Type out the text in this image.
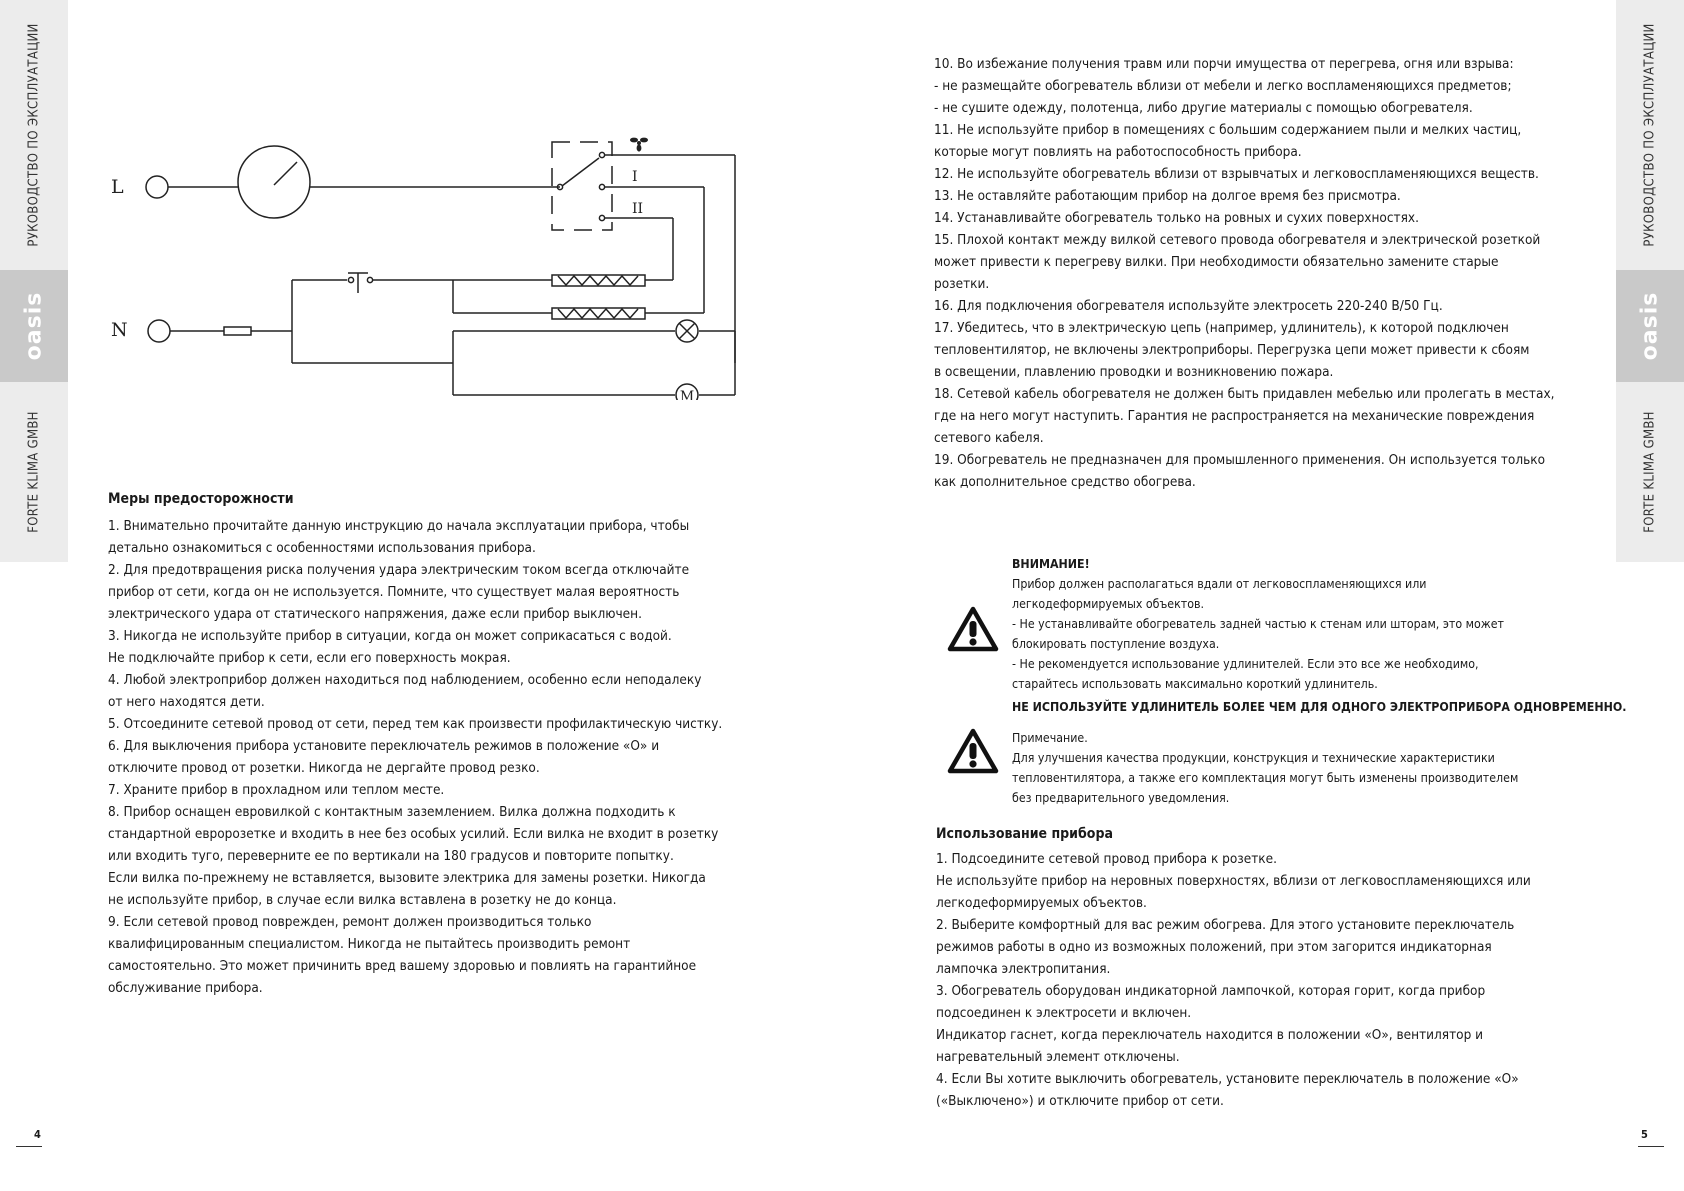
РУКОВОДСТВО ПО ЭКСПЛУАТАЦИИ
oasis
FORTE KLIMA GMBH
РУКОВОДСТВО ПО ЭКСПЛУАТАЦИИ
oasis
FORTE KLIMA GMBH
M
L
N
I
II
Меры предосторожности

1. Внимательно прочитайте данную инструкцию до начала эксплуатации прибора, чтобы

детально ознакомиться с особенностями использования прибора.

2. Для предотвращения риска получения удара электрическим током всегда отключайте

прибор от сети, когда он не используется. Помните, что существует малая вероятность

электрического удара от статического напряжения, даже если прибор выключен.

3. Никогда не используйте прибор в ситуации, когда он может соприкасаться с водой.

Не подключайте прибор к сети, если его поверхность мокрая.

4. Любой электроприбор должен находиться под наблюдением, особенно если неподалеку

от него находятся дети.

5. Отсоедините сетевой провод от сети, перед тем как произвести профилактическую чистку.

6. Для выключения прибора установите переключатель режимов в положение «О» и

отключите провод от розетки. Никогда не дергайте провод резко.

7. Храните прибор в прохладном или теплом месте.

8. Прибор оснащен евровилкой с контактным заземлением. Вилка должна подходить к

стандартной евророзетке и входить в нее без особых усилий. Если вилка не входит в розетку

или входить туго, переверните ее по вертикали на 180 градусов и повторите попытку.

Если вилка по-прежнему не вставляется, вызовите электрика для замены розетки. Никогда

не используйте прибор, в случае если вилка вставлена в розетку не до конца.

9. Если сетевой провод поврежден, ремонт должен производиться только

квалифицированным специалистом. Никогда не пытайтесь производить ремонт

самостоятельно. Это может причинить вред вашему здоровью и повлиять на гарантийное

обслуживание прибора.

4

10. Во избежание получения травм или порчи имущества от перегрева, огня или взрыва:

- не размещайте обогреватель вблизи от мебели и легко воспламеняющихся предметов;

- не сушите одежду, полотенца, либо другие материалы с помощью обогревателя.

11. Не используйте прибор в помещениях с большим содержанием пыли и мелких частиц,

которые могут повлиять на работоспособность прибора.

12. Не используйте обогреватель вблизи от взрывчатых и легковоспламеняющихся веществ.

13. Не оставляйте работающим прибор на долгое время без присмотра.

14. Устанавливайте обогреватель только на ровных и сухих поверхностях.

15. Плохой контакт между вилкой сетевого провода обогревателя и электрической розеткой

может привести к перегреву вилки. При необходимости обязательно замените старые

розетки.

16. Для подключения обогревателя используйте электросеть 220-240 В/50 Гц.

17. Убедитесь, что в электрическую цепь (например, удлинитель), к которой подключен

тепловентилятор, не включены электроприборы. Перегрузка цепи может привести к сбоям

в освещении, плавлению проводки и возникновению пожара.

18. Сетевой кабель обогревателя не должен быть придавлен мебелью или пролегать в местах,

где на него могут наступить. Гарантия не распространяется на механические повреждения

сетевого кабеля.

19. Обогреватель не предназначен для промышленного применения. Он используется только

как дополнительное средство обогрева.

ВНИМАНИЕ!

Прибор должен располагаться вдали от легковоспламеняющихся или

легкодеформируемых объектов.

- Не устанавливайте обогреватель задней частью к стенам или шторам, это может

блокировать поступление воздуха.

- Не рекомендуется использование удлинителей. Если это все же необходимо,

старайтесь использовать максимально короткий удлинитель.

НЕ ИСПОЛЬЗУЙТЕ УДЛИНИТЕЛЬ БОЛЕЕ ЧЕМ ДЛЯ ОДНОГО ЭЛЕКТРОПРИБОРА ОДНОВРЕМЕННО.

Примечание.

Для улучшения качества продукции, конструкция и технические характеристики

тепловентилятора, а также его комплектация могут быть изменены производителем

без предварительного уведомления.

Использование прибора

1. Подсоедините сетевой провод прибора к розетке.

Не используйте прибор на неровных поверхностях, вблизи от легковоспламеняющихся или

легкодеформируемых объектов.

2. Выберите комфортный для вас режим обогрева. Для этого установите переключатель

режимов работы в одно из возможных положений, при этом загорится индикаторная

лампочка электропитания.

3. Обогреватель оборудован индикаторной лампочкой, которая горит, когда прибор

подсоединен к электросети и включен.

Индикатор гаснет, когда переключатель находится в положении «О», вентилятор и

нагревательный элемент отключены.

4. Если Вы хотите выключить обогреватель, установите переключатель в положение «О»

(«Выключено») и отключите прибор от сети.

5
